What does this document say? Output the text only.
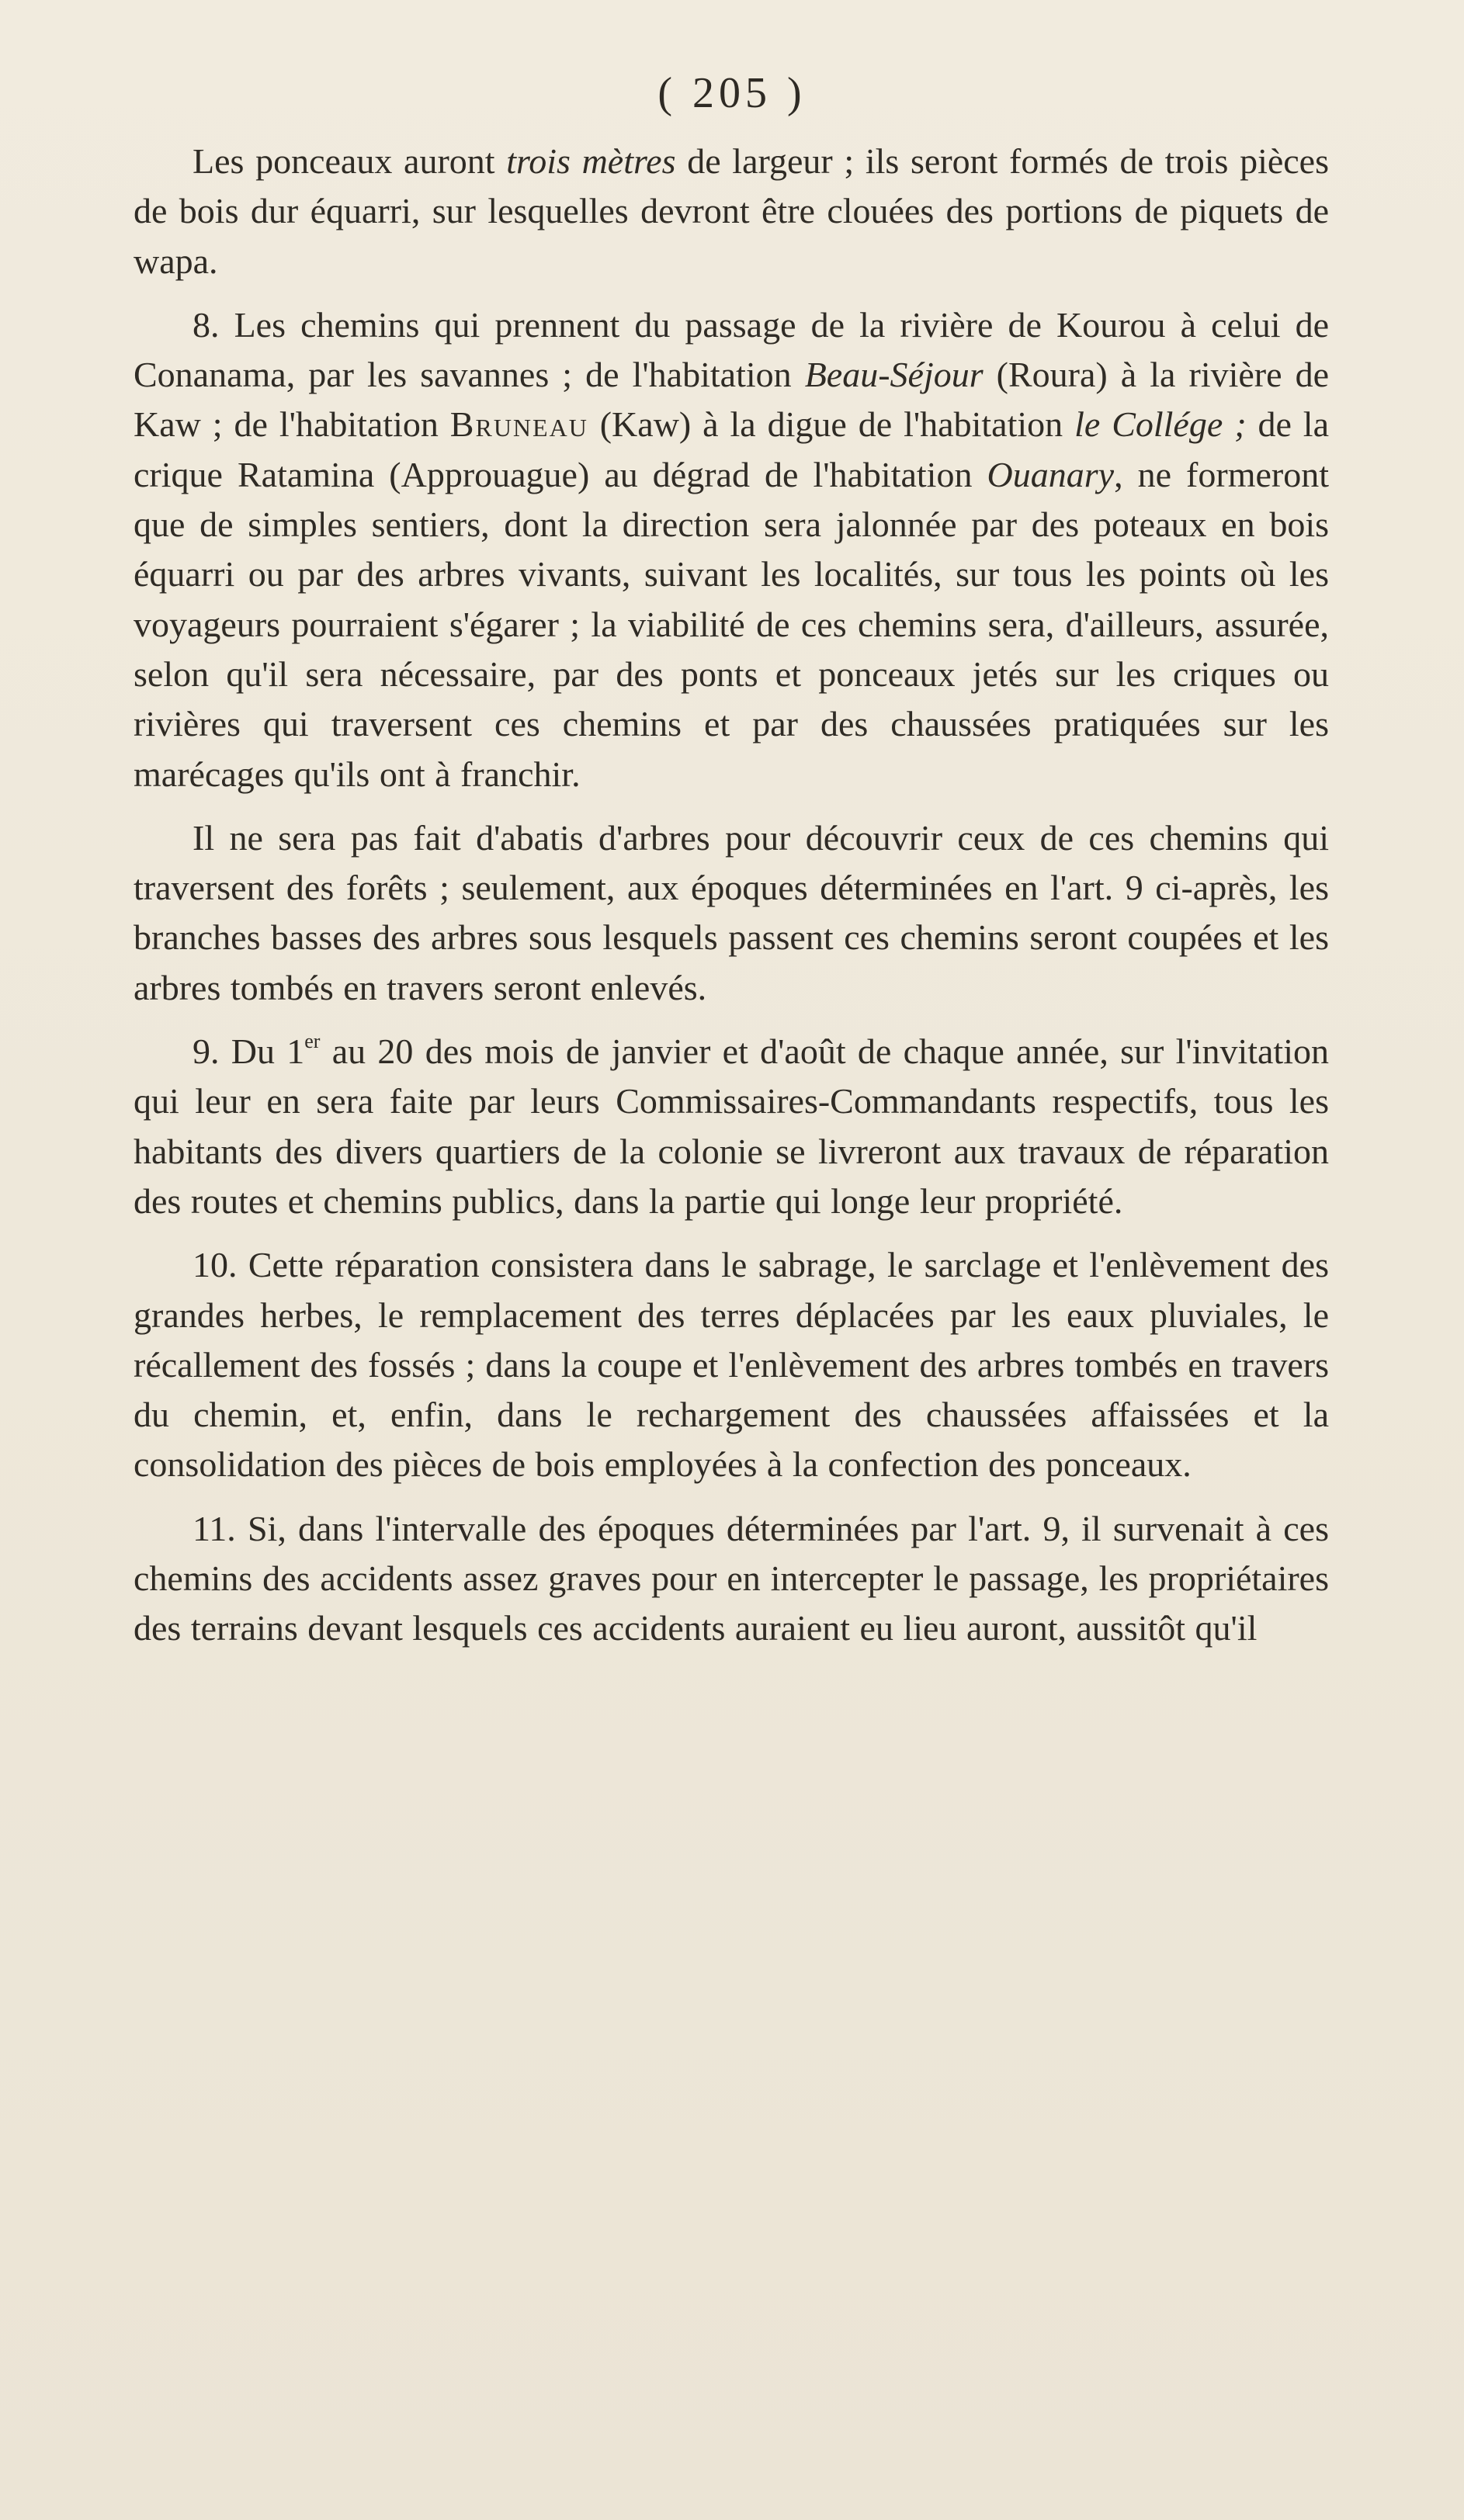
( 205 )

Les ponceaux auront trois mètres de largeur ; ils seront formés de trois pièces de bois dur équarri, sur lesquelles devront être clouées des portions de piquets de wapa.

8. Les chemins qui prennent du passage de la rivière de Kourou à celui de Conanama, par les savannes ; de l'habitation Beau-Séjour (Roura) à la rivière de Kaw ; de l'habitation Bruneau (Kaw) à la digue de l'habitation le Collége ; de la crique Ratamina (Approuague) au dégrad de l'habitation Ouanary, ne formeront que de simples sentiers, dont la direction sera jalonnée par des poteaux en bois équarri ou par des arbres vivants, suivant les localités, sur tous les points où les voyageurs pourraient s'égarer ; la viabilité de ces chemins sera, d'ailleurs, assurée, selon qu'il sera nécessaire, par des ponts et ponceaux jetés sur les criques ou rivières qui traversent ces chemins et par des chaussées pratiquées sur les marécages qu'ils ont à franchir.

Il ne sera pas fait d'abatis d'arbres pour découvrir ceux de ces chemins qui traversent des forêts ; seulement, aux époques déterminées en l'art. 9 ci-après, les branches basses des arbres sous lesquels passent ces chemins seront coupées et les arbres tombés en travers seront enlevés.

9. Du 1er au 20 des mois de janvier et d'août de chaque année, sur l'invitation qui leur en sera faite par leurs Commissaires-Commandants respectifs, tous les habitants des divers quartiers de la colonie se livreront aux travaux de réparation des routes et chemins publics, dans la partie qui longe leur propriété.

10. Cette réparation consistera dans le sabrage, le sarclage et l'enlèvement des grandes herbes, le remplacement des terres déplacées par les eaux pluviales, le récallement des fossés ; dans la coupe et l'enlèvement des arbres tombés en travers du chemin, et, enfin, dans le rechargement des chaussées affaissées et la consolidation des pièces de bois employées à la confection des ponceaux.

11. Si, dans l'intervalle des époques déterminées par l'art. 9, il survenait à ces chemins des accidents assez graves pour en intercepter le passage, les propriétaires des terrains devant lesquels ces accidents auraient eu lieu auront, aussitôt qu'il
